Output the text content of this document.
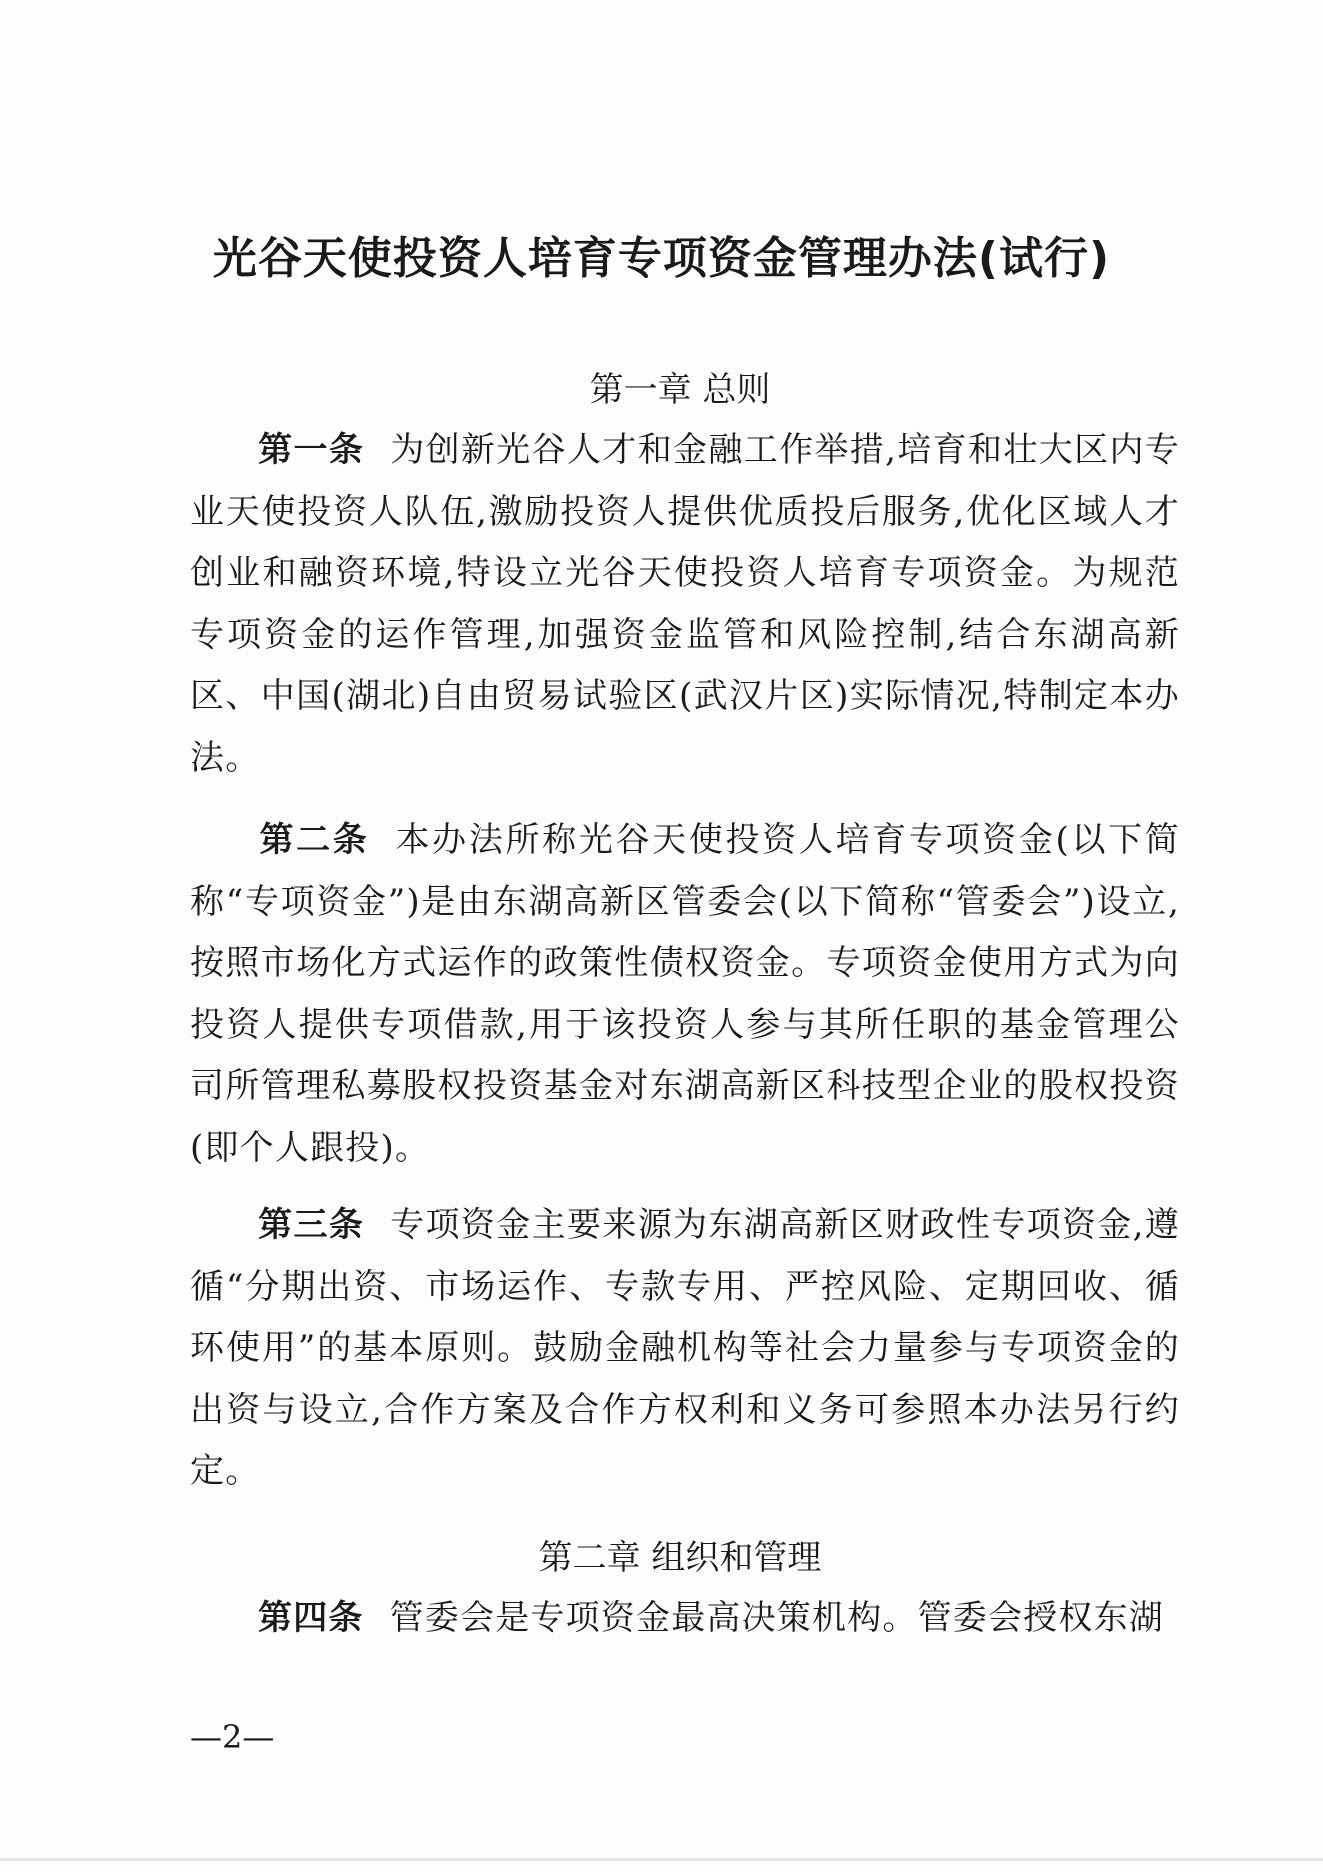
光谷天使投资人培育专项资金管理办法(试行)
第一章 总则
第一条 为创新光谷人才和金融工作举措,培育和壮大区内专业天使投资人队伍,激励投资人提供优质投后服务,优化区域人才创业和融资环境,特设立光谷天使投资人培育专项资金。为规范专项资金的运作管理,加强资金监管和风险控制,结合东湖高新区、中国(湖北)自由贸易试验区(武汉片区)实际情况,特制定本办法。
第二条 本办法所称光谷天使投资人培育专项资金(以下简称“专项资金”)是由东湖高新区管委会(以下简称“管委会”)设立,按照市场化方式运作的政策性债权资金。专项资金使用方式为向投资人提供专项借款,用于该投资人参与其所任职的基金管理公司所管理私募股权投资基金对东湖高新区科技型企业的股权投资(即个人跟投)。
第三条 专项资金主要来源为东湖高新区财政性专项资金,遵循“分期出资、市场运作、专款专用、严控风险、定期回收、循环使用”的基本原则。鼓励金融机构等社会力量参与专项资金的出资与设立,合作方案及合作方权利和义务可参照本办法另行约定。
第二章 组织和管理
第四条 管委会是专项资金最高决策机构。管委会授权东湖
—2—
